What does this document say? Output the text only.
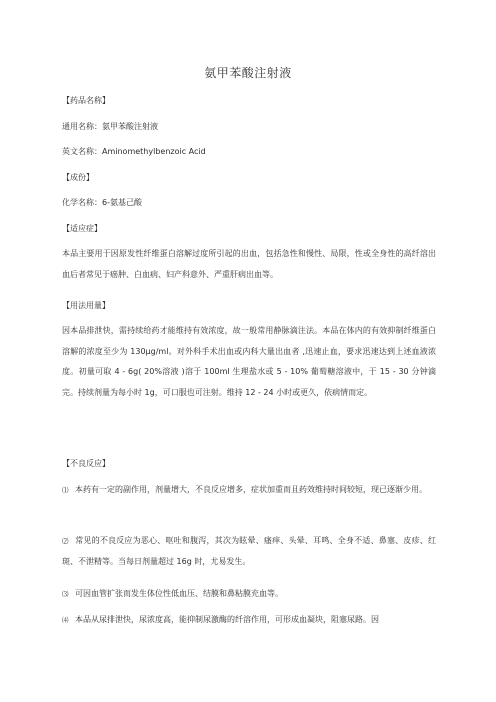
氨甲苯酸注射液
【药品名称】
通用名称：氨甲苯酸注射液
英文名称：Aminomethylbenzoic Acid
【成份】
化学名称：6-氨基己酸
【适应症】
本品主要用于因原发性纤维蛋白溶解过度所引起的出血，包括急性和慢性、局限，性或全身性的高纤溶出血后者常见于癌肿、白血病、妇产科意外、严重肝病出血等。
【用法用量】
因本品排泄快，需持续给药才能维持有效浓度，故一般常用静脉滴注法。本品在体内的有效抑制纤维蛋白溶解的浓度至少为 130μg/ml。对外科手术出血或内科大量出血者 ,迅速止血，要求迅速达到上述血液浓度。初量可取 4 - 6g( 20%溶液 )溶于 100ml 生理盐水或 5 - 10% 葡萄糖溶液中，于 15 - 30 分钟滴完。持续剂量为每小时 1g，可口服也可注射。维持 12 - 24 小时或更久，依病情而定。
【不良反应】
⑴ 本药有一定的副作用，剂量增大，不良反应增多，症状加重而且药效维持时间较短，现已逐渐少用。
⑵ 常见的不良反应为恶心、呕吐和腹泻，其次为眩晕、瘙痒、头晕、耳鸣、全身不适、鼻塞、皮疹、红斑、不泄精等。当每日剂量超过 16g 时，尤易发生。
⑶ 可因血管扩张而发生体位性低血压、结膜和鼻粘膜充血等。
⑷ 本品从尿排泄快，尿浓度高，能抑制尿激酶的纤溶作用，可形成血凝块，阻塞尿路。因
